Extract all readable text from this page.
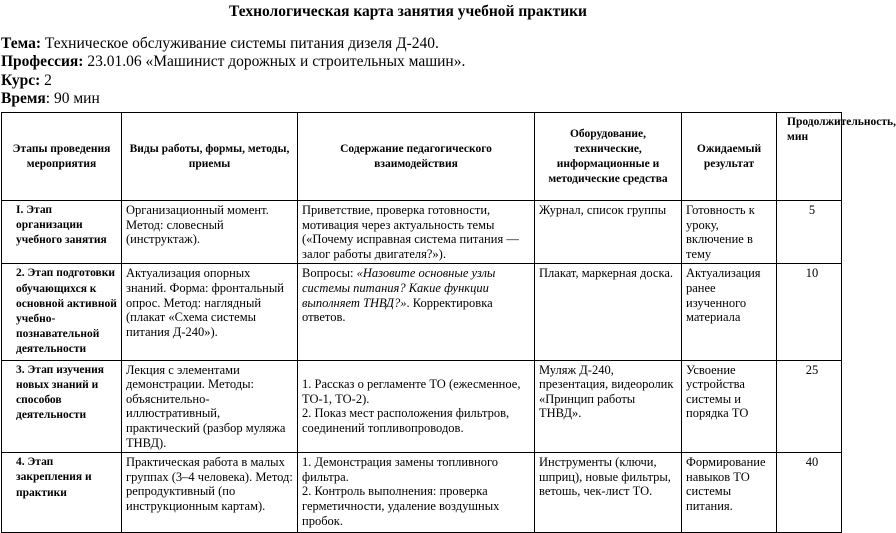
Технологическая карта занятия учебной практики
Тема: Техническое обслуживание системы питания дизеля Д-240.
Профессия: 23.01.06 «Машинист дорожных и строительных машин».
Курс: 2
Время: 90 мин
Этапы проведения мероприятия	Виды работы, формы, методы, приемы	Содержание педагогического взаимодействия	Оборудование, технические, информационные и методические средства	Ожидаемый результат	Продолжительность, мин
I. Этап организации учебного занятия	Организационный момент. Метод: словесный (инструктаж).	Приветствие, проверка готовности, мотивация через актуальность темы («Почему исправная система питания — залог работы двигателя?»).	Журнал, список группы	Готовность к уроку, включение в тему	5
2. Этап подготовки обучающихся к основной активной учебно-познавательной деятельности	Актуализация опорных знаний. Форма: фронтальный опрос. Метод: наглядный (плакат «Схема системы питания Д-240»).	Вопросы: «Назовите основные узлы системы питания? Какие функции выполняет ТНВД?». Корректировка ответов.	Плакат, маркерная доска.	Актуализация ранее изученного материала	10
3. Этап изучения новых знаний и способов деятельности	Лекция с элементами демонстрации. Методы: объяснительно-иллюстративный, практический (разбор муляжа ТНВД).	1. Рассказ о регламенте ТО (ежесменное, ТО-1, ТО-2).
2. Показ мест расположения фильтров, соединений топливопроводов.	Муляж Д-240, презентация, видеоролик «Принцип работы ТНВД».	Усвоение устройства системы и порядка ТО	25
4. Этап закрепления и практики	Практическая работа в малых группах (3–4 человека). Метод: репродуктивный (по инструкционным картам).	1. Демонстрация замены топливного фильтра.
2. Контроль выполнения: проверка герметичности, удаление воздушных пробок.	Инструменты (ключи, шприц), новые фильтры, ветошь, чек-лист ТО.	Формирование навыков ТО системы питания.	40
